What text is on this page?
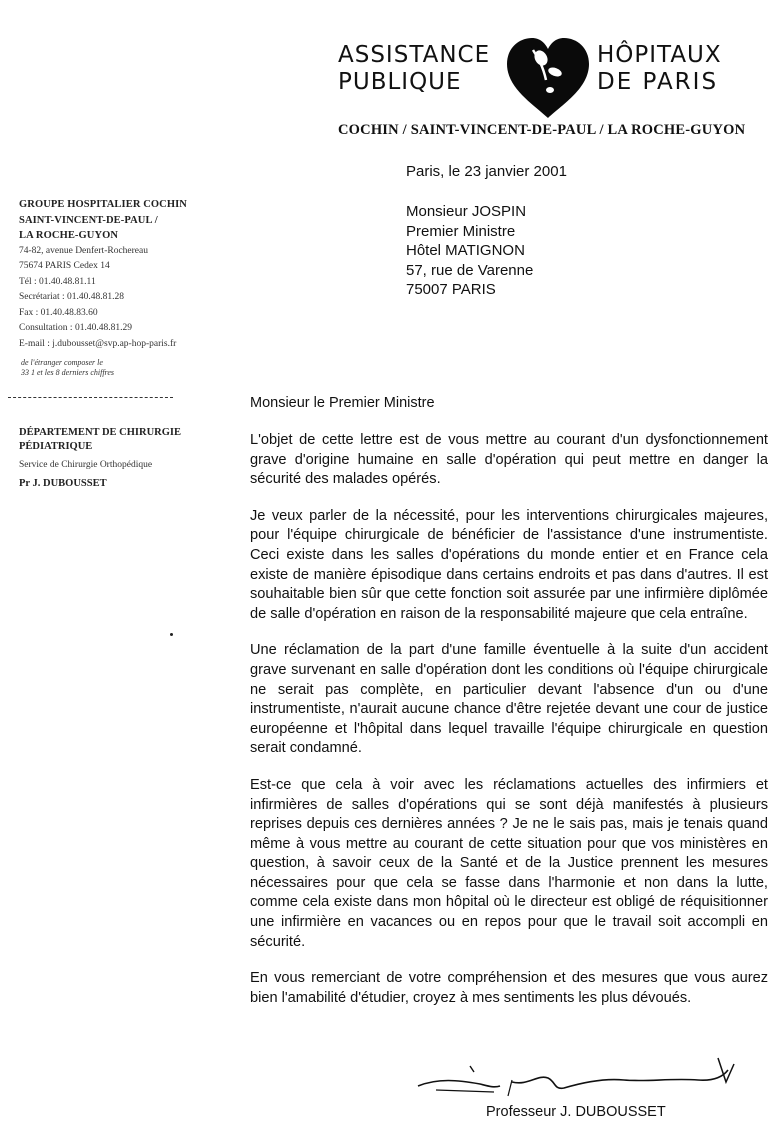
ASSISTANCE
PUBLIQUE
HÔPITAUX
DE PARIS
COCHIN / SAINT-VINCENT-DE-PAUL / LA ROCHE-GUYON
Paris, le 23 janvier 2001
Monsieur JOSPIN
Premier Ministre
Hôtel MATIGNON
57, rue de Varenne
75007 PARIS
GROUPE HOSPITALIER COCHIN
SAINT-VINCENT-DE-PAUL /
LA ROCHE-GUYON
74-82, avenue Denfert-Rochereau
75674 PARIS Cedex 14
Tél : 01.40.48.81.11
Secrétariat : 01.40.48.81.28
Fax : 01.40.48.83.60
Consultation : 01.40.48.81.29
E-mail : j.dubousset@svp.ap-hop-paris.fr
de l'étranger composer le
33 1 et les 8 derniers chiffres
DÉPARTEMENT DE CHIRURGIE
PÉDIATRIQUE
Service de Chirurgie Orthopédique
Pr J. DUBOUSSET
Monsieur le Premier Ministre

L'objet de cette lettre est de vous mettre au courant d'un dysfonctionnement grave d'origine humaine en salle d'opération qui peut mettre en danger la sécurité des malades opérés.

Je veux parler de la nécessité, pour les interventions chirurgicales majeures, pour l'équipe chirurgicale de bénéficier de l'assistance d'une instrumentiste. Ceci existe dans les salles d'opérations du monde entier et en France cela existe de manière épisodique dans certains endroits et pas dans d'autres. Il est souhaitable bien sûr que cette fonction soit assurée par une infirmière diplômée de salle d'opération en raison de la responsabilité majeure que cela entraîne.

Une réclamation de la part d'une famille éventuelle à la suite d'un accident grave survenant en salle d'opération dont les conditions où l'équipe chirurgicale ne serait pas complète, en particulier devant l'absence d'un ou d'une instrumentiste, n'aurait aucune chance d'être rejetée devant une cour de justice européenne et l'hôpital dans lequel travaille l'équipe chirurgicale en question serait condamné.

Est-ce que cela à voir avec les réclamations actuelles des infirmiers et infirmières de salles d'opérations qui se sont déjà manifestés à plusieurs reprises depuis ces dernières années ? Je ne le sais pas, mais je tenais quand même à vous mettre au courant de cette situation pour que vos ministères en question, à savoir ceux de la Santé et de la Justice prennent les mesures nécessaires pour que cela se fasse dans l'harmonie et non dans la lutte, comme cela existe dans mon hôpital où le directeur est obligé de réquisitionner une infirmière en vacances ou en repos pour que le travail soit accompli en sécurité.

En vous remerciant de votre compréhension et des mesures que vous aurez bien l'amabilité d'étudier, croyez à mes sentiments les plus dévoués.

Professeur J. DUBOUSSET
